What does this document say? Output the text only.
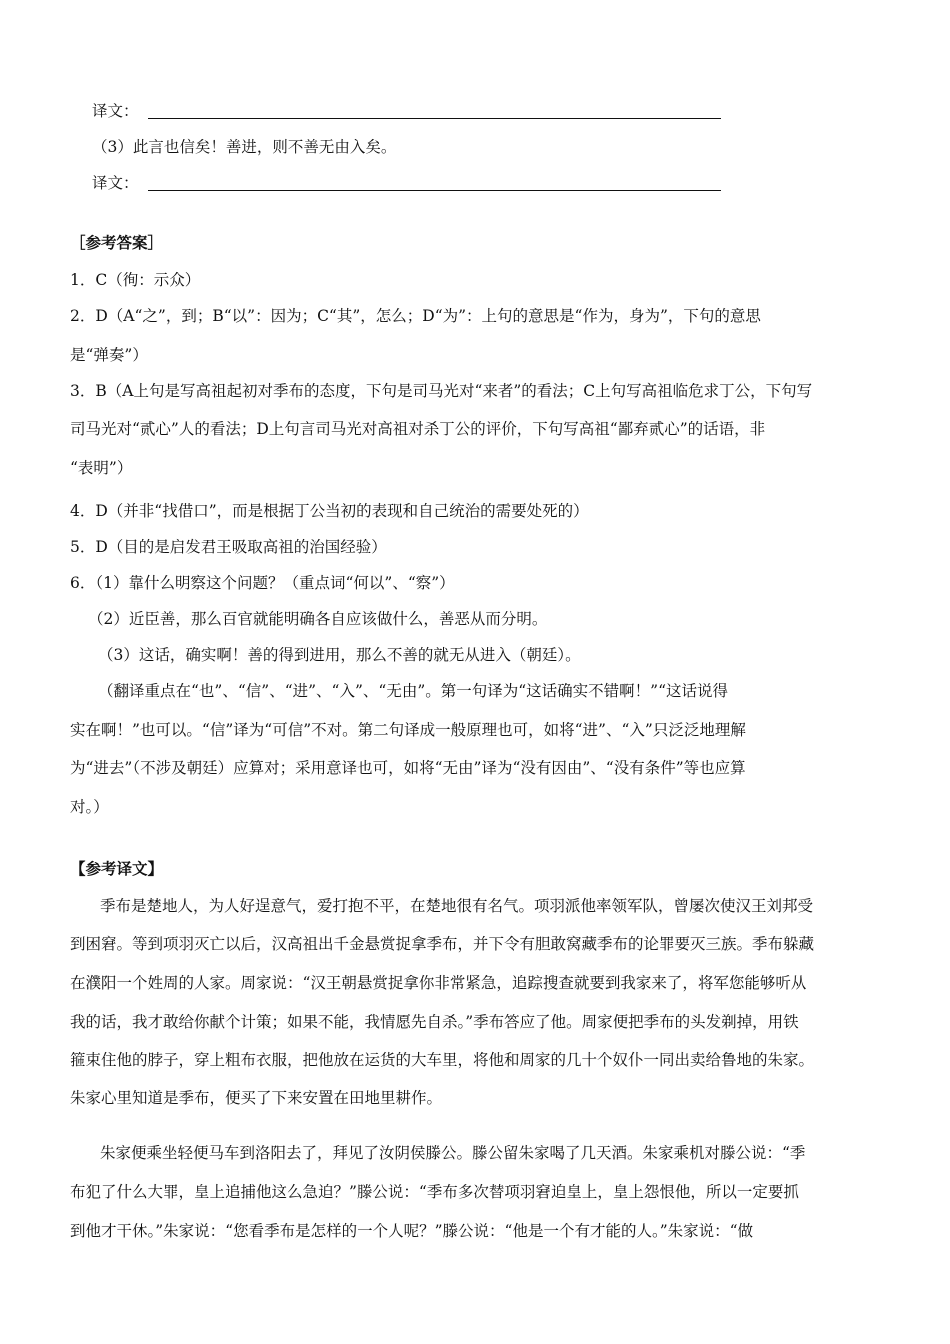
译文：
（3）此言也信矣！善进，则不善无由入矣。
译文：
［参考答案］
1．C（徇：示众）
2．D（A“之”，到；B“以”：因为；C“其”，怎么；D“为”：上句的意思是“作为，身为”，下句的意思
是“弹奏”）
3．B（A上句是写高祖起初对季布的态度，下句是司马光对“来者”的看法；C上句写高祖临危求丁公，下句写
司马光对“贰心”人的看法；D上句言司马光对高祖对杀丁公的评价，下句写高祖“鄙弃贰心”的话语，非
“表明”）
4．D（并非“找借口”，而是根据丁公当初的表现和自己统治的需要处死的）
5．D（目的是启发君王吸取高祖的治国经验）
6．（1）靠什么明察这个问题？（重点词“何以”、“察”）
（2）近臣善，那么百官就能明确各自应该做什么，善恶从而分明。
（3）这话，确实啊！善的得到进用，那么不善的就无从进入（朝廷）。
（翻译重点在“也”、“信”、“进”、“入”、“无由”。第一句译为“这话确实不错啊！”“这话说得
实在啊！”也可以。“信”译为“可信”不对。第二句译成一般原理也可，如将“进”、“入”只泛泛地理解
为“进去”（不涉及朝廷）应算对；采用意译也可，如将“无由”译为“没有因由”、“没有条件”等也应算
对。）
【参考译文】
季布是楚地人，为人好逞意气，爱打抱不平，在楚地很有名气。项羽派他率领军队，曾屡次使汉王刘邦受
到困窘。等到项羽灭亡以后，汉高祖出千金悬赏捉拿季布，并下令有胆敢窝藏季布的论罪要灭三族。季布躲藏
在濮阳一个姓周的人家。周家说：“汉王朝悬赏捉拿你非常紧急，追踪搜查就要到我家来了，将军您能够听从
我的话，我才敢给你献个计策；如果不能，我情愿先自杀。”季布答应了他。周家便把季布的头发剃掉，用铁
箍束住他的脖子，穿上粗布衣服，把他放在运货的大车里，将他和周家的几十个奴仆一同出卖给鲁地的朱家。
朱家心里知道是季布，便买了下来安置在田地里耕作。
朱家便乘坐轻便马车到洛阳去了，拜见了汝阴侯滕公。滕公留朱家喝了几天酒。朱家乘机对滕公说：“季
布犯了什么大罪，皇上追捕他这么急迫？”滕公说：“季布多次替项羽窘迫皇上，皇上怨恨他，所以一定要抓
到他才干休。”朱家说：“您看季布是怎样的一个人呢？”滕公说：“他是一个有才能的人。”朱家说：“做
